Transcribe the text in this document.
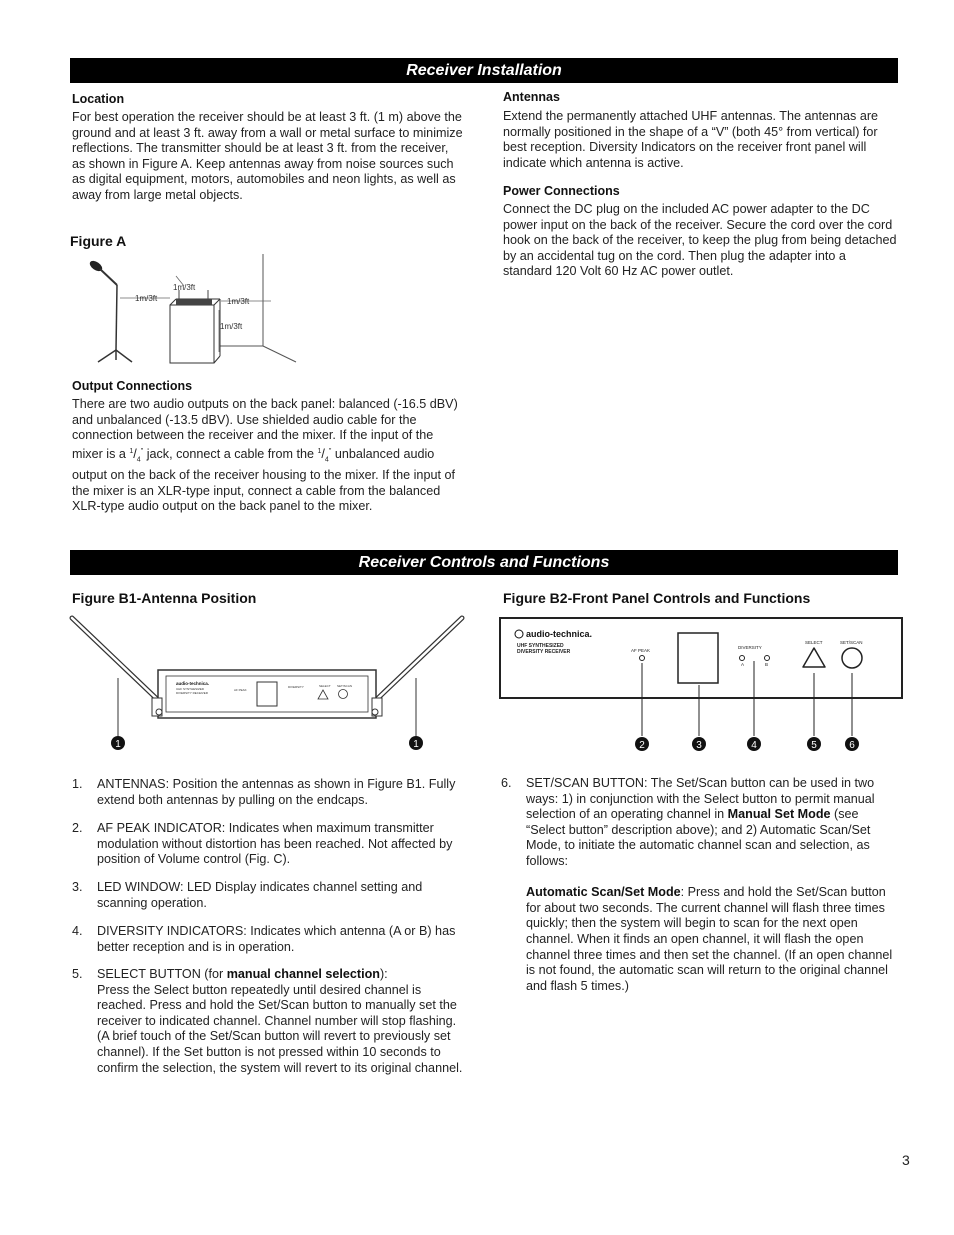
Receiver Installation
Location
For best operation the receiver should be at least 3 ft. (1 m) above the ground and at least 3 ft. away from a wall or metal surface to minimize reflections. The transmitter should be at least 3 ft. from the receiver, as shown in Figure A. Keep antennas away from noise sources such as digital equipment, motors, automobiles and neon lights, as well as away from large metal objects.
Figure A
1m/3ft
1m/3ft
1m/3ft
1m/3ft
Output Connections
There are two audio outputs on the back panel: balanced (-16.5 dBV) and unbalanced (-13.5 dBV). Use shielded audio cable for the connection between the receiver and the mixer. If the input of the mixer is a $^1/_4^"$ jack, connect a cable from the $^1/_4^"$ unbalanced audio output on the back of the receiver housing to the mixer. If the input of the mixer is an XLR-type input, connect a cable from the balanced XLR-type audio output on the back panel to the mixer.
Antennas
Extend the permanently attached UHF antennas. The antennas are normally positioned in the shape of a “V” (both 45° from vertical) for best reception. Diversity Indicators on the receiver front panel will indicate which antenna is active.
Power Connections
Connect the DC plug on the included AC power adapter to the DC power input on the back of the receiver. Secure the cord over the cord hook on the back of the receiver, to keep the plug from being detached by an accidental tug on the cord. Then plug the adapter into a standard 120 Volt 60 Hz AC power outlet.
Receiver Controls and Functions
Figure B1-Antenna Position
audio-technica.
UHF SYNTHESIZED
DIVERSITY RECEIVER
AF PEAK
DIVERSITY	SELECT SET/SCAN
1	1
Figure B2-Front Panel Controls and Functions
audio-technica.
UHF SYNTHESIZED
DIVERSITY RECEIVER	AF PEAK
DIVERSITY
A	B
SELECT	SET/SCAN
2	3	4	5	6
1. ANTENNAS: Position the antennas as shown in Figure B1. Fully extend both antennas by pulling on the endcaps.
2. AF PEAK INDICATOR: Indicates when maximum transmitter modulation without distortion has been reached. Not affected by position of Volume control (Fig. C).
3. LED WINDOW: LED Display indicates channel setting and scanning operation.
4. DIVERSITY INDICATORS: Indicates which antenna (A or B) has better reception and is in operation.
5. SELECT BUTTON (for manual channel selection):
Press the Select button repeatedly until desired channel is reached. Press and hold the Set/Scan button to manually set the receiver to indicated channel. Channel number will stop flashing. (A brief touch of the Set/Scan button will revert to previously set channel). If the Set button is not pressed within 10 seconds to confirm the selection, the system will revert to its original channel.
6. SET/SCAN BUTTON: The Set/Scan button can be used in two ways: 1) in conjunction with the Select button to permit manual selection of an operating channel in Manual Set Mode (see “Select button” description above); and 2) Automatic Scan/Set Mode, to initiate the automatic channel scan and selection, as follows:

Automatic Scan/Set Mode: Press and hold the Set/Scan button for about two seconds. The current channel will flash three times quickly; then the system will begin to scan for the next open channel. When it finds an open channel, it will flash the open channel three times and then set the channel. (If an open channel is not found, the automatic scan will return to the original channel and flash 5 times.)
3
